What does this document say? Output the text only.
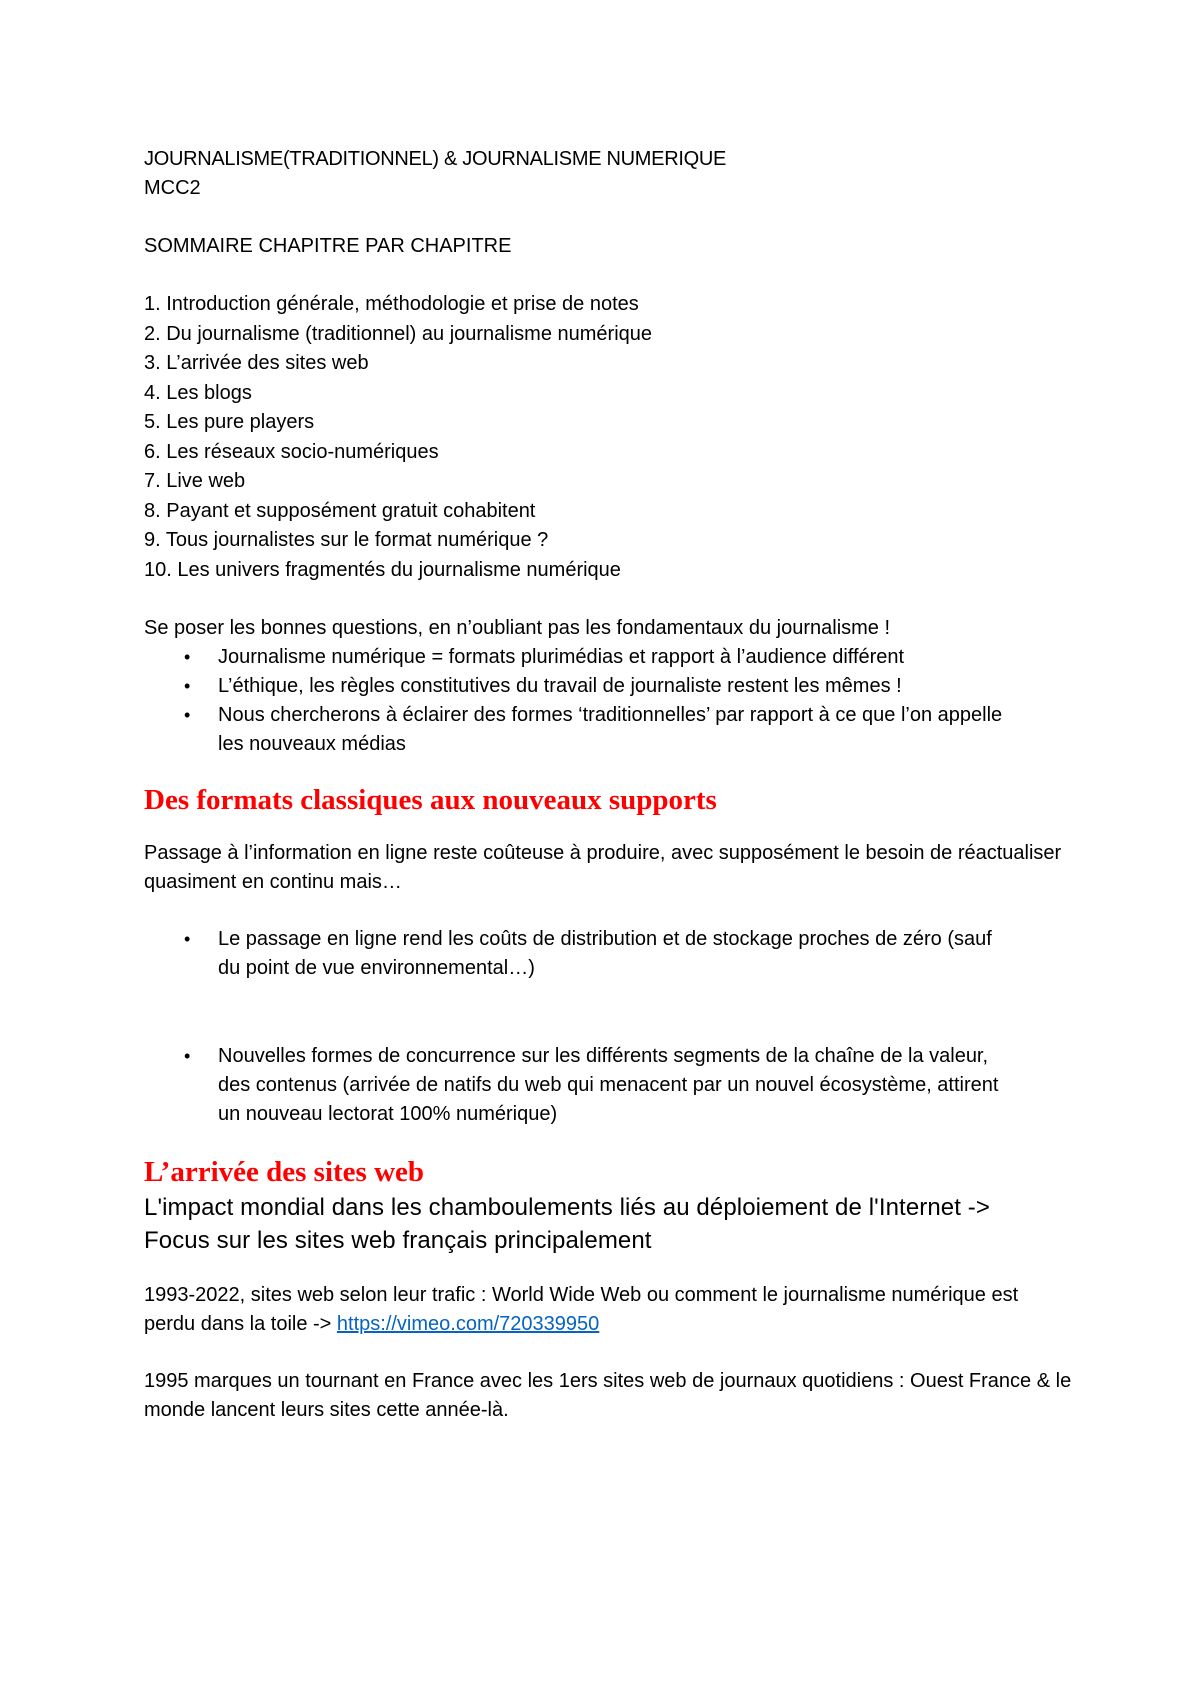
JOURNALISME(TRADITIONNEL) & JOURNALISME NUMERIQUE
MCC2
SOMMAIRE CHAPITRE PAR CHAPITRE
1. Introduction générale, méthodologie et prise de notes
2. Du journalisme (traditionnel) au journalisme numérique
3. L’arrivée des sites web
4. Les blogs
5. Les pure players
6. Les réseaux socio-numériques
7. Live web
8. Payant et supposément gratuit cohabitent
9. Tous journalistes sur le format numérique ?
10. Les univers fragmentés du journalisme numérique
Se poser les bonnes questions, en n’oubliant pas les fondamentaux du journalisme !
• Journalisme numérique = formats plurimédias et rapport à l’audience différent
• L’éthique, les règles constitutives du travail de journaliste restent les mêmes !
• Nous chercherons à éclairer des formes ‘traditionnelles’ par rapport à ce que l’on appelle les nouveaux médias
Des formats classiques aux nouveaux supports
Passage à l’information en ligne reste coûteuse à produire, avec supposément le besoin de réactualiser quasiment en continu mais…
• Le passage en ligne rend les coûts de distribution et de stockage proches de zéro (sauf du point de vue environnemental…)
• Nouvelles formes de concurrence sur les différents segments de la chaîne de la valeur, des contenus (arrivée de natifs du web qui menacent par un nouvel écosystème, attirent un nouveau lectorat 100% numérique)
L’arrivée des sites web
L'impact mondial dans les chamboulements liés au déploiement de l'Internet ->
Focus sur les sites web français principalement
1993-2022, sites web selon leur trafic : World Wide Web ou comment le journalisme numérique est perdu dans la toile -> https://vimeo.com/720339950
1995 marques un tournant en France avec les 1ers sites web de journaux quotidiens : Ouest France & le monde lancent leurs sites cette année-là.
